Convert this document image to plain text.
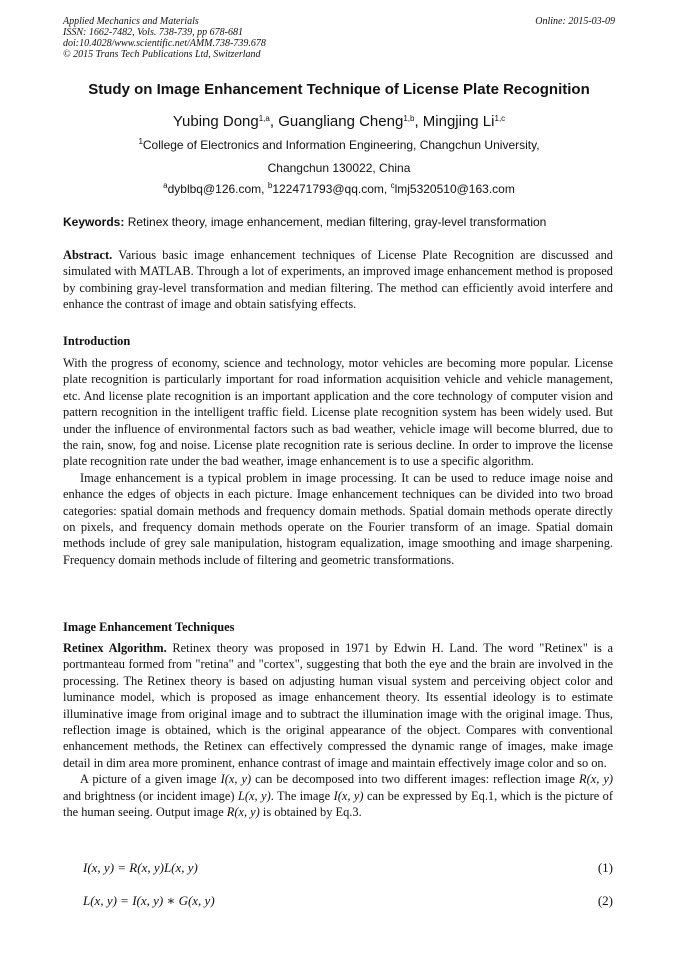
Applied Mechanics and Materials
ISSN: 1662-7482, Vols. 738-739, pp 678-681
doi:10.4028/www.scientific.net/AMM.738-739.678
© 2015 Trans Tech Publications Ltd, Switzerland
Online: 2015-03-09
Study on Image Enhancement Technique of License Plate Recognition
Yubing Dong$^{1,a}$, Guangliang Cheng$^{1,b}$, Mingjing Li$^{1,c}$
$^1$College of Electronics and Information Engineering, Changchun University,
Changchun 130022, China
$^a$dyblbq@126.com, $^b$122471793@qq.com, $^c$lmj5320510@163.com
Keywords: Retinex theory, image enhancement, median filtering, gray-level transformation

Abstract. Various basic image enhancement techniques of License Plate Recognition are discussed and simulated with MATLAB. Through a lot of experiments, an improved image enhancement method is proposed by combining gray-level transformation and median filtering. The method can efficiently avoid interfere and enhance the contrast of image and obtain satisfying effects.

Introduction

With the progress of economy, science and technology, motor vehicles are becoming more popular. License plate recognition is particularly important for road information acquisition vehicle and vehicle management, etc. And license plate recognition is an important application and the core technology of computer vision and pattern recognition in the intelligent traffic field. License plate recognition system has been widely used. But under the influence of environmental factors such as bad weather, vehicle image will become blurred, due to the rain, snow, fog and noise. License plate recognition rate is serious decline. In order to improve the license plate recognition rate under the bad weather, image enhancement is to use a specific algorithm.

Image enhancement is a typical problem in image processing. It can be used to reduce image noise and enhance the edges of objects in each picture. Image enhancement techniques can be divided into two broad categories: spatial domain methods and frequency domain methods. Spatial domain methods operate directly on pixels, and frequency domain methods operate on the Fourier transform of an image. Spatial domain methods include of grey sale manipulation, histogram equalization, image smoothing and image sharpening. Frequency domain methods include of filtering and geometric transformations.

Image Enhancement Techniques

Retinex Algorithm. Retinex theory was proposed in 1971 by Edwin H. Land. The word "Retinex" is a portmanteau formed from "retina" and "cortex", suggesting that both the eye and the brain are involved in the processing. The Retinex theory is based on adjusting human visual system and perceiving object color and luminance model, which is proposed as image enhancement theory. Its essential ideology is to estimate illuminative image from original image and to subtract the illumination image with the original image. Thus, reflection image is obtained, which is the original appearance of the object. Compares with conventional enhancement methods, the Retinex can effectively compressed the dynamic range of images, make image detail in dim area more prominent, enhance contrast of image and maintain effectively image color and so on.

A picture of a given image I(x, y) can be decomposed into two different images: reflection image R(x, y) and brightness (or incident image) L(x, y). The image I(x, y) can be expressed by Eq.1, which is the picture of the human seeing. Output image R(x, y) is obtained by Eq.3.

I(x, y) = R(x, y)L(x, y)	(1)
L(x, y) = I(x, y) ∗ G(x, y)	(2)
